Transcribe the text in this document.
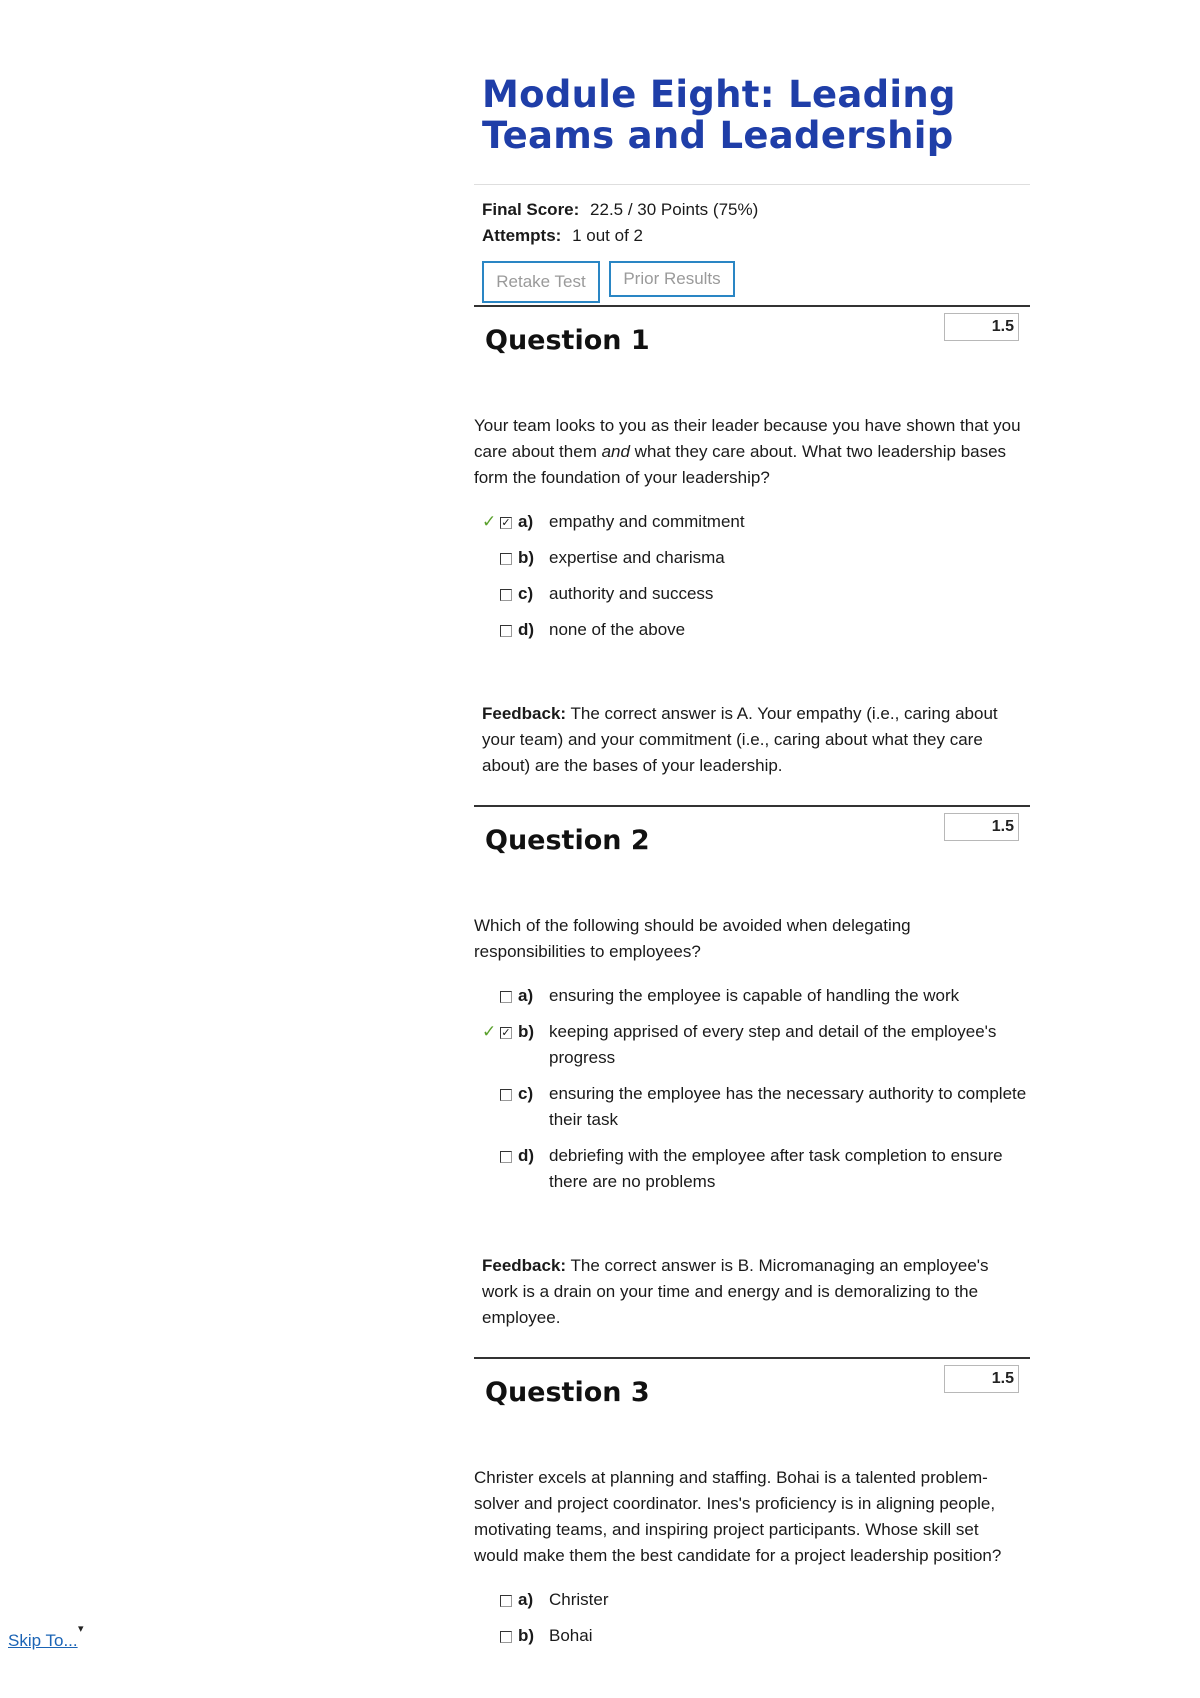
Module Eight: Leading
Teams and Leadership
Final Score: 22.5 / 30 Points (75%)
Attempts: 1 out of 2
Retake Test	Prior Results
1.5
Question 1

Your team looks to you as their leader because you have shown that you care about them and what they care about. What two leadership bases form the foundation of your leadership?

✓ ✓ a) empathy and commitment
b) expertise and charisma
c) authority and success
d) none of the above

Feedback: The correct answer is A. Your empathy (i.e., caring about your team) and your commitment (i.e., caring about what they care about) are the bases of your leadership.

1.5
Question 2

Which of the following should be avoided when delegating responsibilities to employees?

a) ensuring the employee is capable of handling the work
✓ ✓ b) keeping apprised of every step and detail of the employee's progress
c) ensuring the employee has the necessary authority to complete their task
d) debriefing with the employee after task completion to ensure there are no problems

Feedback: The correct answer is B. Micromanaging an employee's work is a drain on your time and energy and is demoralizing to the employee.

1.5
Question 3

Christer excels at planning and staffing. Bohai is a talented problem-solver and project coordinator. Ines's proficiency is in aligning people, motivating teams, and inspiring project participants. Whose skill set would make them the best candidate for a project leadership position?

a) Christer
b) Bohai
Skip To...
▾
